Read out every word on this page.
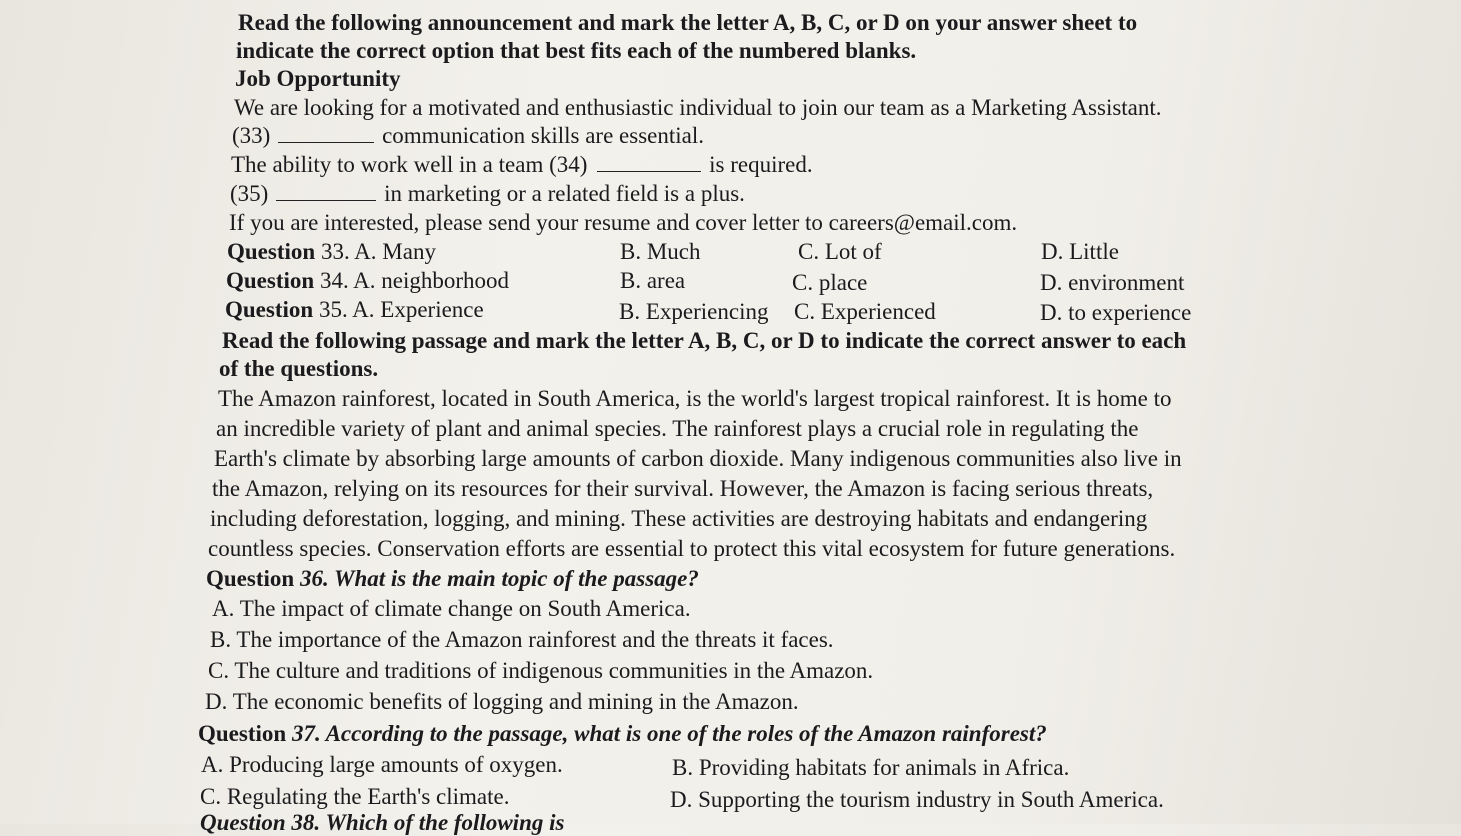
Read the following announcement and mark the letter A, B, C, or D on your answer sheet to
indicate the correct option that best fits each of the numbered blanks.
Job Opportunity
We are looking for a motivated and enthusiastic individual to join our team as a Marketing Assistant.
(33)	communication skills are essential.
The ability to work well in a team (34)	is required.
(35)	in marketing or a related field is a plus.
If you are interested, please send your resume and cover letter to careers@email.com.
Question 33. A. Many	B. Much	C. Lot of	D. Little
Question 34. A. neighborhood	B. area	C. place	D. environment
Question 35. A. Experience	B. Experiencing C. Experienced	D. to experience
Read the following passage and mark the letter A, B, C, or D to indicate the correct answer to each
of the questions.
The Amazon rainforest, located in South America, is the world's largest tropical rainforest. It is home to
an incredible variety of plant and animal species. The rainforest plays a crucial role in regulating the
Earth's climate by absorbing large amounts of carbon dioxide. Many indigenous communities also live in
the Amazon, relying on its resources for their survival. However, the Amazon is facing serious threats,
including deforestation, logging, and mining. These activities are destroying habitats and endangering
countless species. Conservation efforts are essential to protect this vital ecosystem for future generations.
Question 36. What is the main topic of the passage?
A. The impact of climate change on South America.
B. The importance of the Amazon rainforest and the threats it faces.
C. The culture and traditions of indigenous communities in the Amazon.
D. The economic benefits of logging and mining in the Amazon.
Question 37. According to the passage, what is one of the roles of the Amazon rainforest?
A. Producing large amounts of oxygen.	B. Providing habitats for animals in Africa.
C. Regulating the Earth's climate.	D. Supporting the tourism industry in South America.
Question 38. Which of the following is
